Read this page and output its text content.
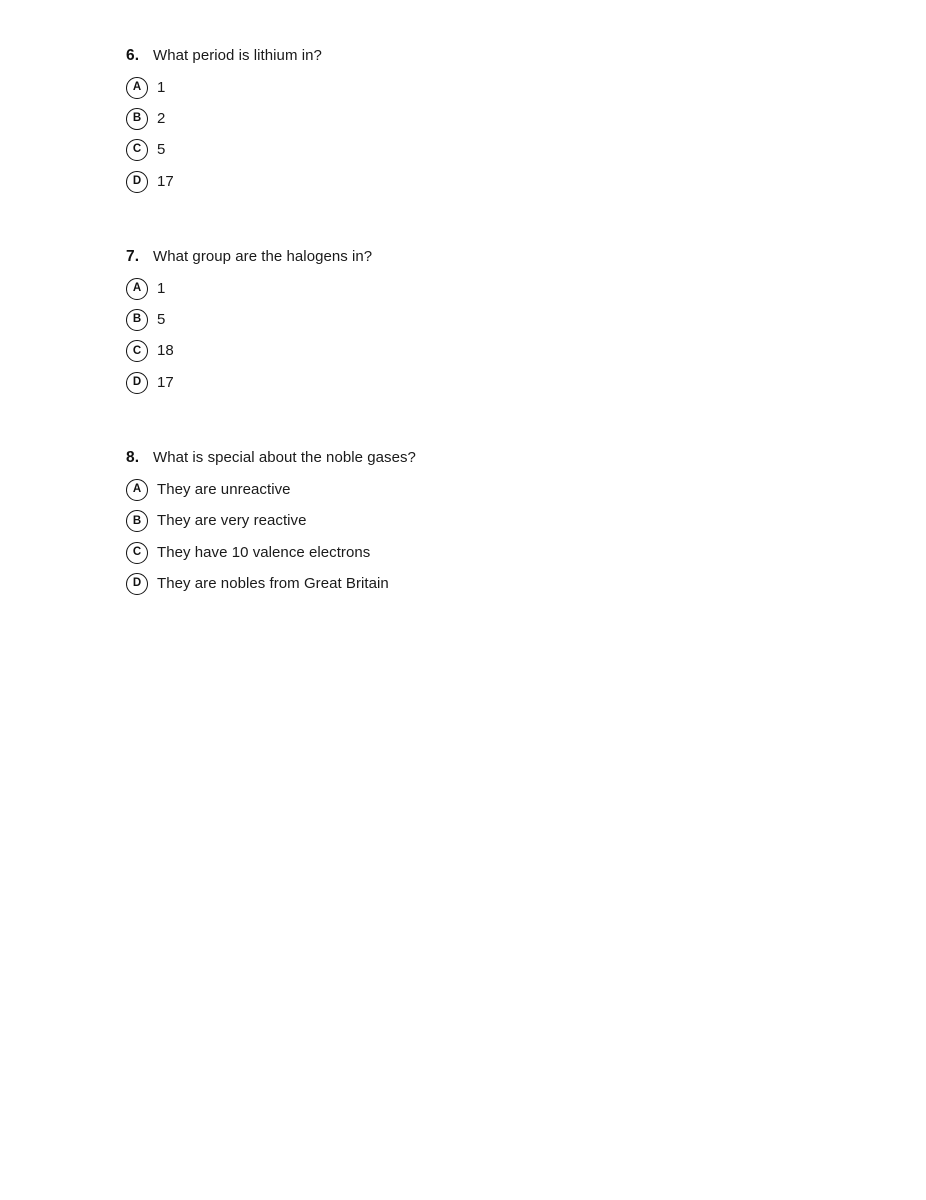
6. What period is lithium in?
A	1
B	2
C	5
D	17
7. What group are the halogens in?
A	1
B	5
C	18
D	17
8. What is special about the noble gases?
A	They are unreactive
B	They are very reactive
C	They have 10 valence electrons
D	They are nobles from Great Britain
